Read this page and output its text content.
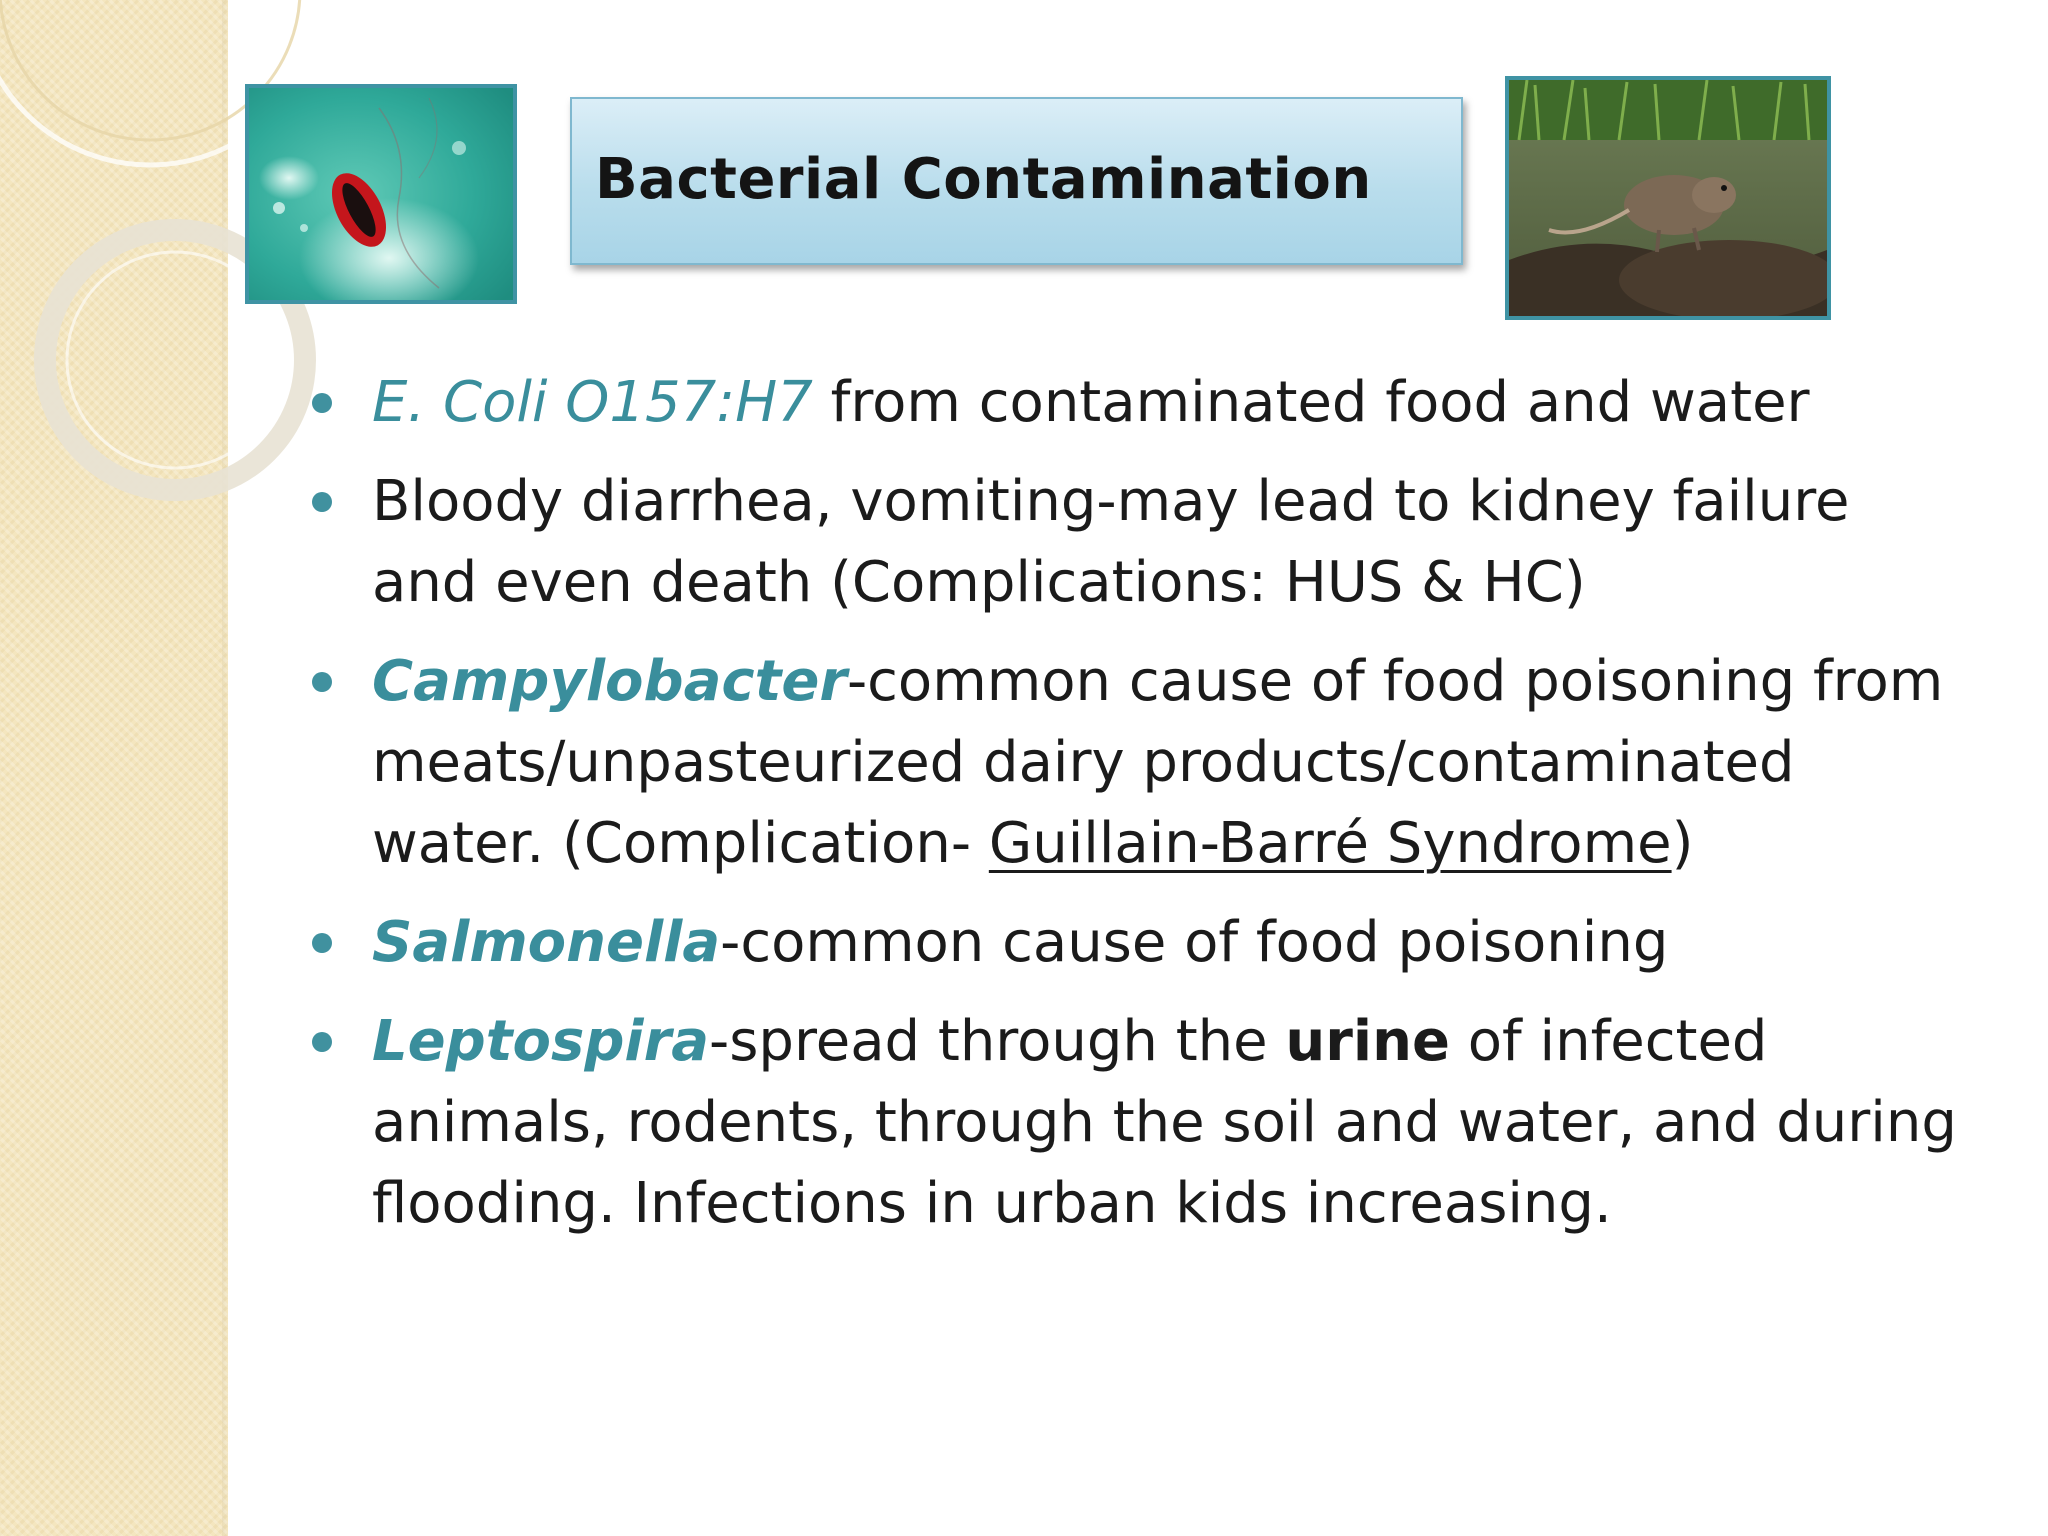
Bacterial Contamination
E. Coli O157:H7 from contaminated food and water
Bloody diarrhea, vomiting-may lead to kidney failure and even death (Complications: HUS & HC)
Campylobacter-common cause of food poisoning from meats/unpasteurized dairy products/contaminated water. (Complication- Guillain-Barré Syndrome)
Salmonella-common cause of food poisoning
Leptospira-spread through the urine of infected animals, rodents, through the soil and water, and during flooding. Infections in urban kids increasing.
